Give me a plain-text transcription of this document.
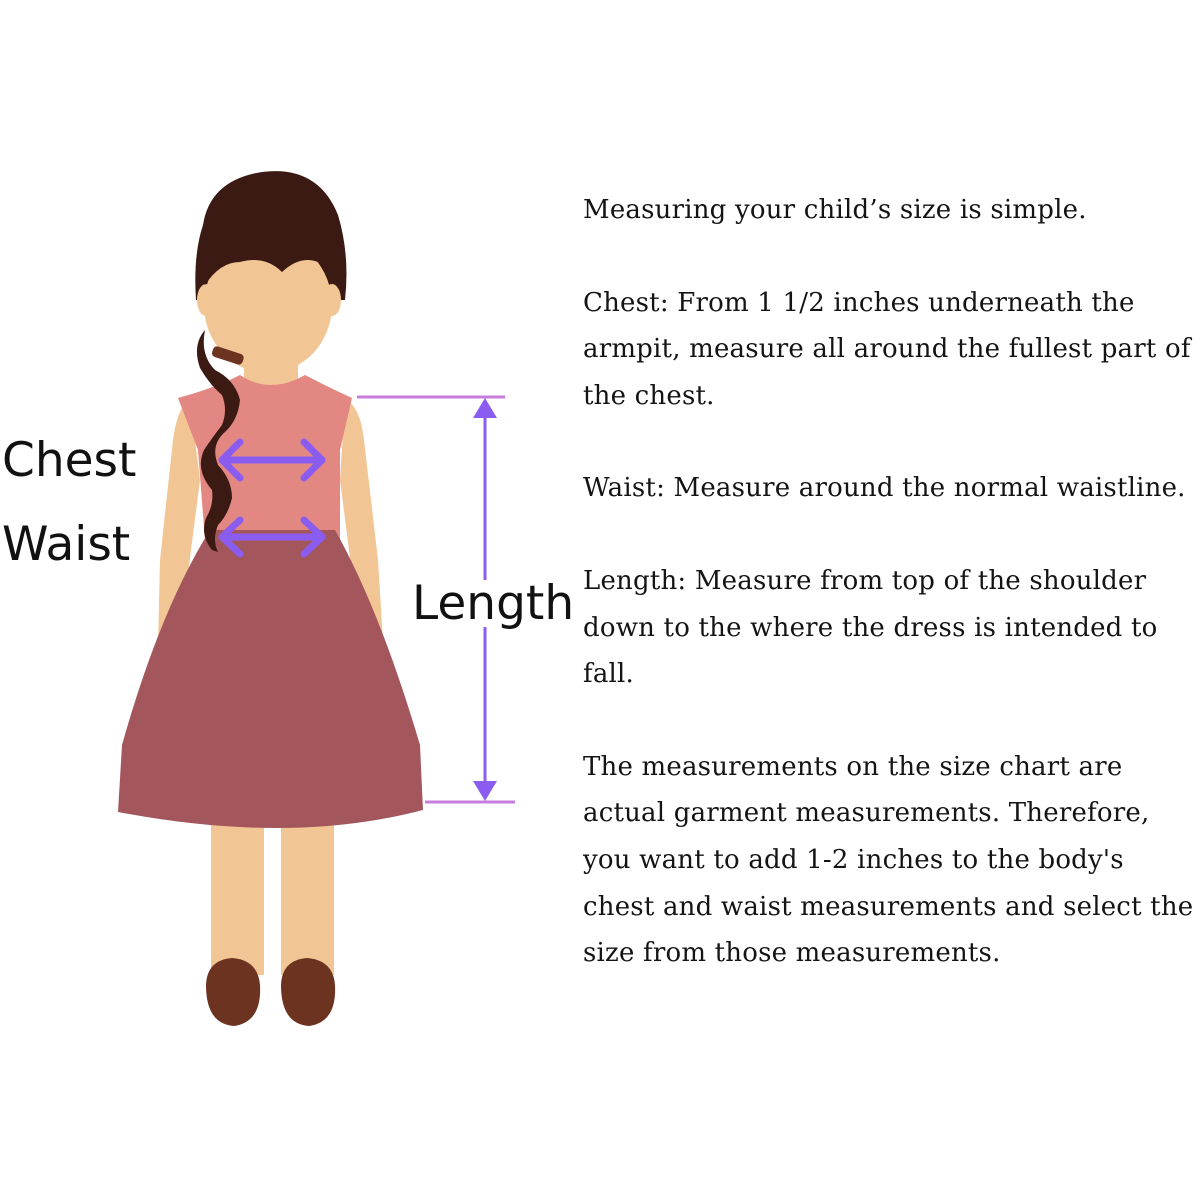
Chest
Waist
Length

Measuring your child’s size is simple.

Chest: From 1 1/2 inches underneath the armpit, measure all around the fullest part of the chest.

Waist: Measure around the normal waistline.

Length: Measure from top of the shoulder down to the where the dress is intended to fall.

The measurements on the size chart are actual garment measurements. Therefore, you want to add 1-2 inches to the body's chest and waist measurements and select the size from those measurements.
